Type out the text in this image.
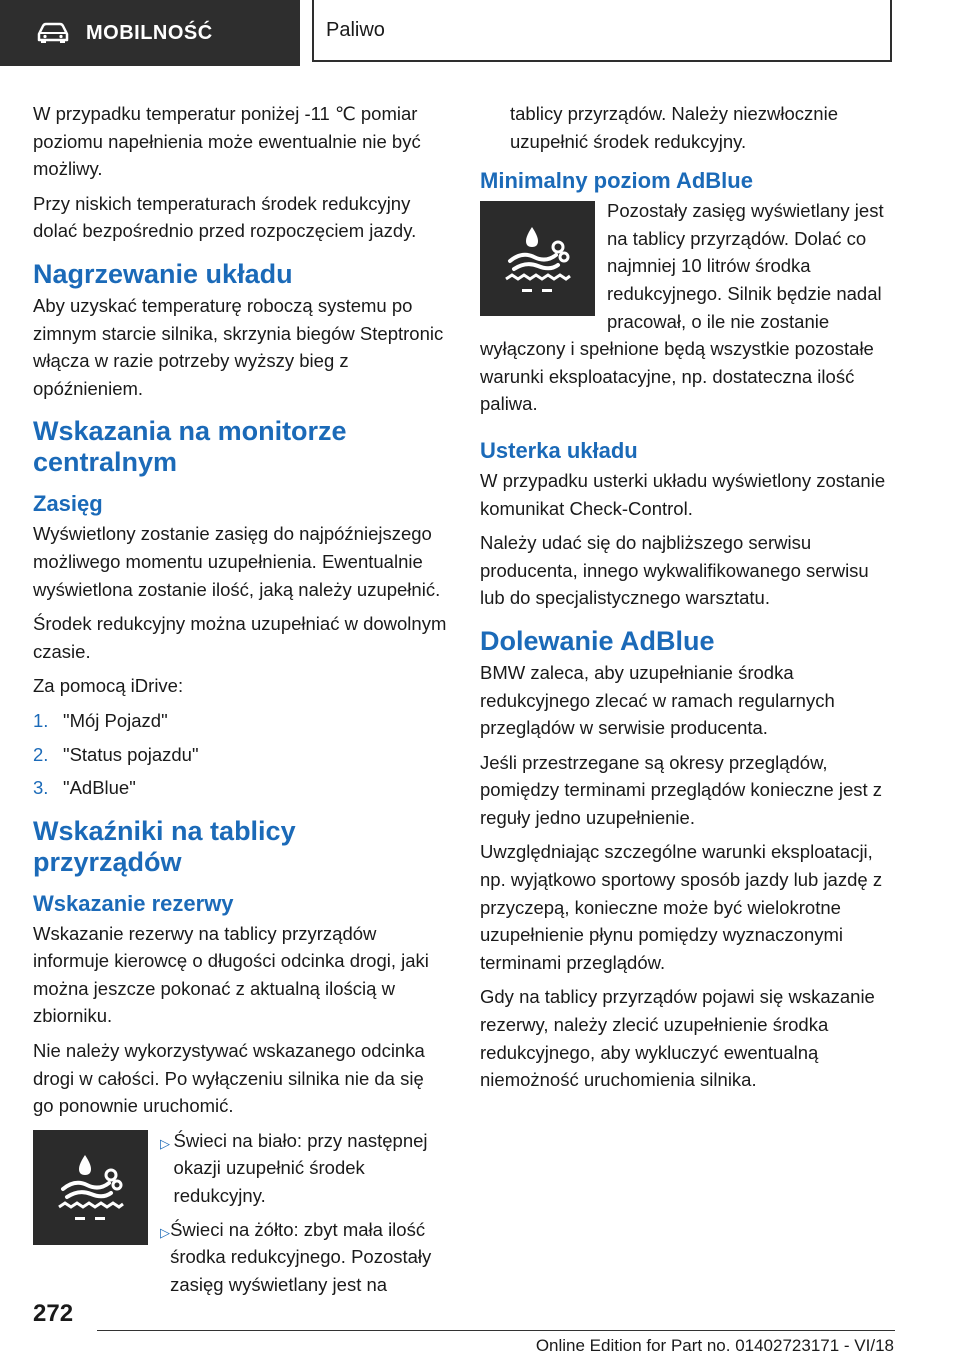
MOBILNOŚĆ	Paliwo

W przypadku temperatur poniżej -11 ℃ pomiar poziomu napełnienia może ewentualnie nie być możliwy.

Przy niskich temperaturach środek redukcyjny dolać bezpośrednio przed rozpoczęciem jazdy.

Nagrzewanie układu

Aby uzyskać temperaturę roboczą systemu po zimnym starcie silnika, skrzynia biegów Steptronic włącza w razie potrzeby wyższy bieg z opóźnieniem.

Wskazania na monitorze centralnym
Zasięg

Wyświetlony zostanie zasięg do najpóźniejszego możliwego momentu uzupełnienia. Ewentualnie wyświetlona zostanie ilość, jaką należy uzupełnić.

Środek redukcyjny można uzupełniać w dowolnym czasie.

Za pomocą iDrive:

1. "Mój Pojazd"
2. "Status pojazdu"
3. "AdBlue"
Wskaźniki na tablicy przyrządów
Wskazanie rezerwy

Wskazanie rezerwy na tablicy przyrządów informuje kierowcę o długości odcinka drogi, jaki można jeszcze pokonać z aktualną ilością w zbiorniku.

Nie należy wykorzystywać wskazanego odcinka drogi w całości. Po wyłączeniu silnika nie da się go ponownie uruchomić.

▷ Świeci na biało: przy następnej okazji uzupełnić środek redukcyjny.
▷ Świeci na żółto: zbyt mała ilość środka redukcyjnego. Pozostały zasięg wyświetlany jest na

tablicy przyrządów. Należy niezwłocznie uzupełnić środek redukcyjny.

Minimalny poziom AdBlue

Pozostały zasięg wyświetlany jest na tablicy przyrządów. Dolać co najmniej 10 litrów środka redukcyjnego. Silnik będzie nadal pracował, o ile nie zostanie wyłączony i spełnione będą wszystkie pozostałe warunki eksploatacyjne, np. dostateczna ilość paliwa.

Usterka układu

W przypadku usterki układu wyświetlony zostanie komunikat Check-Control.

Należy udać się do najbliższego serwisu producenta, innego wykwalifikowanego serwisu lub do specjalistycznego warsztatu.

Dolewanie AdBlue

BMW zaleca, aby uzupełnianie środka redukcyjnego zlecać w ramach regularnych przeglądów w serwisie producenta.

Jeśli przestrzegane są okresy przeglądów, pomiędzy terminami przeglądów konieczne jest z reguły jedno uzupełnienie.

Uwzględniając szczególne warunki eksploatacji, np. wyjątkowo sportowy sposób jazdy lub jazdę z przyczepą, konieczne może być wielokrotne uzupełnienie płynu pomiędzy wyznaczonymi terminami przeglądów.

Gdy na tablicy przyrządów pojawi się wskazanie rezerwy, należy zlecić uzupełnienie środka redukcyjnego, aby wykluczyć ewentualną niemożność uruchomienia silnika.

272
Online Edition for Part no. 01402723171 - VI/18
